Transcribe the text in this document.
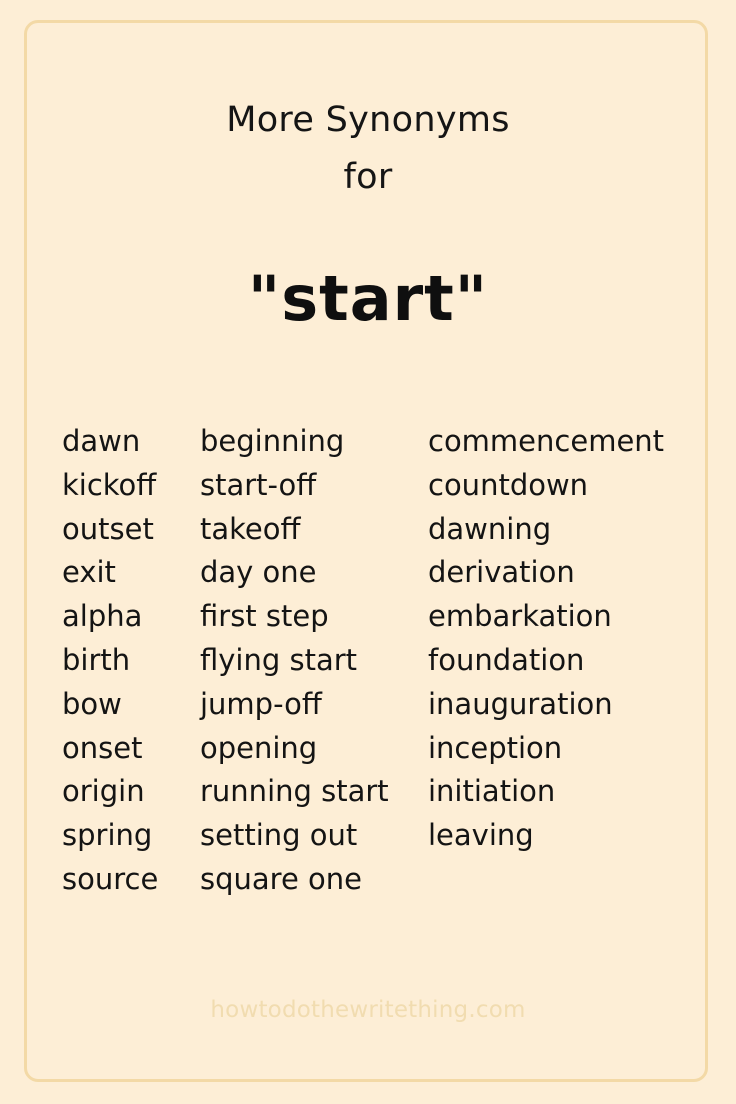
More Synonyms
for
"start"
dawn
kickoff
outset
exit
alpha
birth
bow
onset
origin
spring
source
beginning
start-off
takeoff
day one
first step
flying start
jump-off
opening
running start
setting out
square one
commencement
countdown
dawning
derivation
embarkation
foundation
inauguration
inception
initiation
leaving
howtodothewritething.com
